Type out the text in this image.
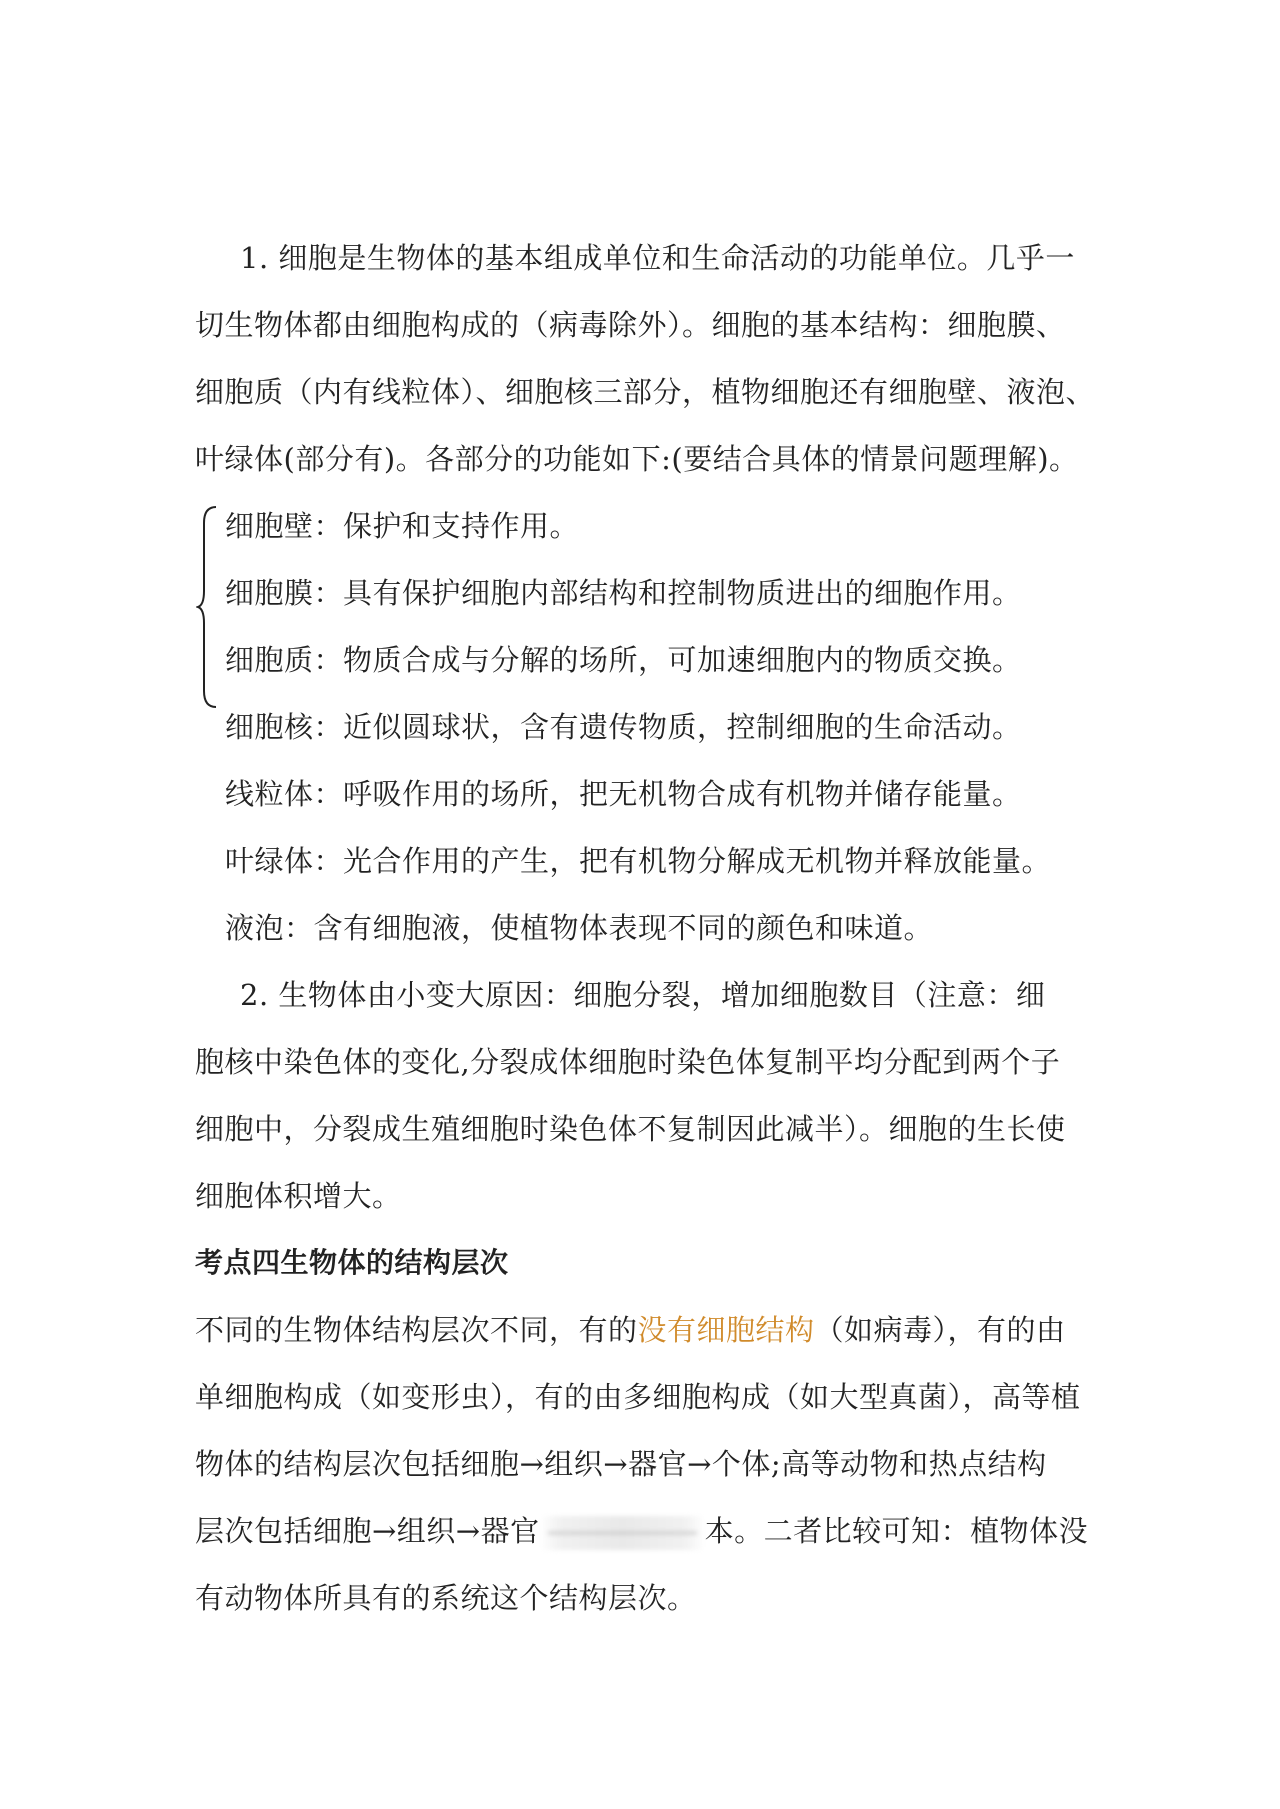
1. 细胞是生物体的基本组成单位和生命活动的功能单位。几乎一
切生物体都由细胞构成的（病毒除外）。细胞的基本结构：细胞膜、
细胞质（内有线粒体）、细胞核三部分，植物细胞还有细胞壁、液泡、
叶绿体(部分有)。各部分的功能如下:(要结合具体的情景问题理解)。
细胞壁：保护和支持作用。
细胞膜：具有保护细胞内部结构和控制物质进出的细胞作用。
细胞质：物质合成与分解的场所，可加速细胞内的物质交换。
细胞核：近似圆球状，含有遗传物质，控制细胞的生命活动。
线粒体：呼吸作用的场所，把无机物合成有机物并储存能量。
叶绿体：光合作用的产生，把有机物分解成无机物并释放能量。
液泡：含有细胞液，使植物体表现不同的颜色和味道。
2. 生物体由小变大原因：细胞分裂，增加细胞数目（注意：细
胞核中染色体的变化,分裂成体细胞时染色体复制平均分配到两个子
细胞中，分裂成生殖细胞时染色体不复制因此减半）。细胞的生长使
细胞体积增大。
考点四生物体的结构层次
不同的生物体结构层次不同，有的没有细胞结构（如病毒），有的由
单细胞构成（如变形虫），有的由多细胞构成（如大型真菌），高等植
物体的结构层次包括细胞→组织→器官→个体;高等动物和热点结构
层次包括细胞→组织→器官	本。二者比较可知：植物体没
有动物体所具有的系统这个结构层次。
